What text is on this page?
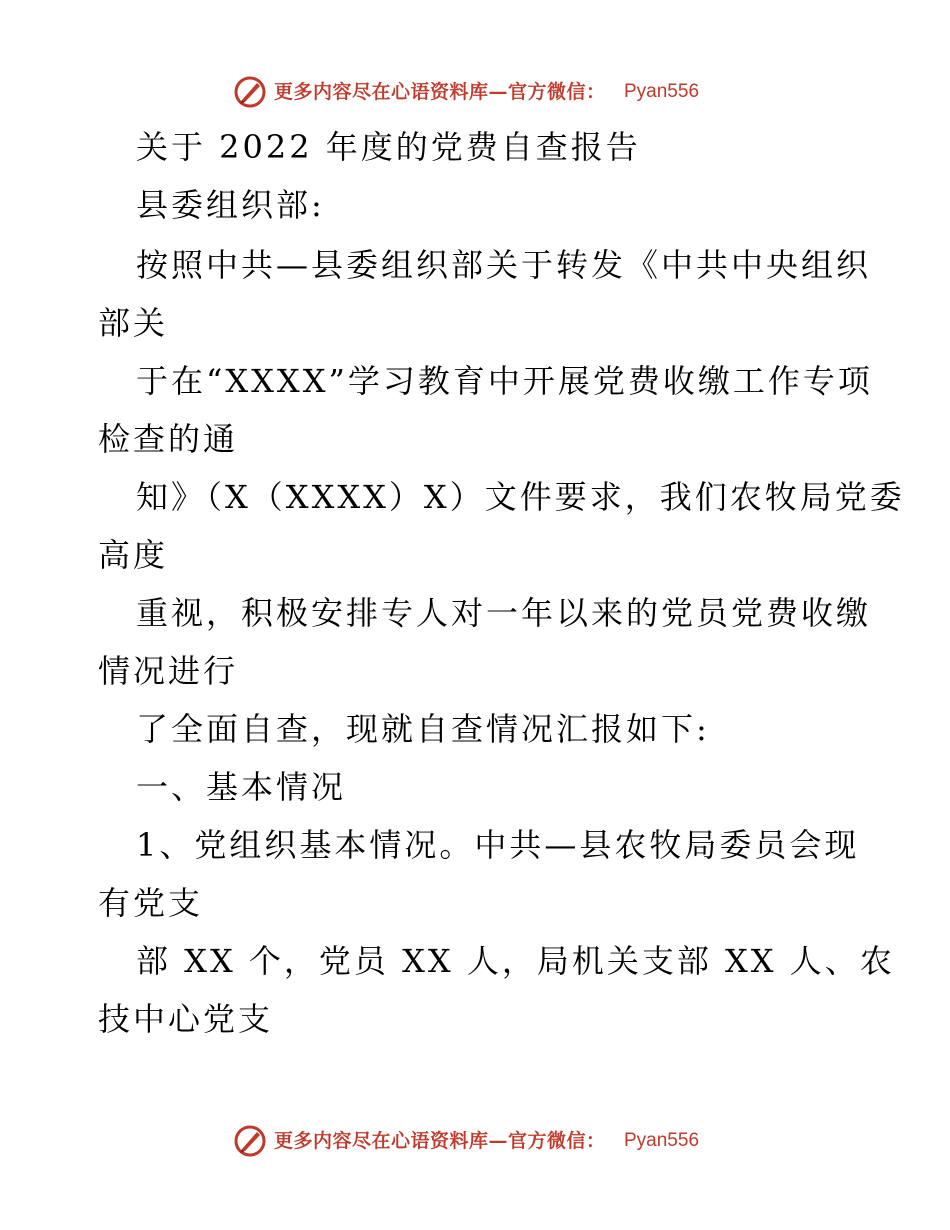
更多内容尽在心语资料库—官方微信： Pyan556
关于 2022 年度的党费自查报告
县委组织部:
按照中共—县委组织部关于转发《中共中央组织
部关
于在“XXXX”学习教育中开展党费收缴工作专项
检查的通
知》（X（XXXX）X）文件要求，我们农牧局党委
高度
重视，积极安排专人对一年以来的党员党费收缴
情况进行
了全面自查，现就自查情况汇报如下:
一、基本情况
1、党组织基本情况。中共—县农牧局委员会现
有党支
部 XX 个，党员 XX 人，局机关支部 XX 人、农
技中心党支
更多内容尽在心语资料库—官方微信： Pyan556
